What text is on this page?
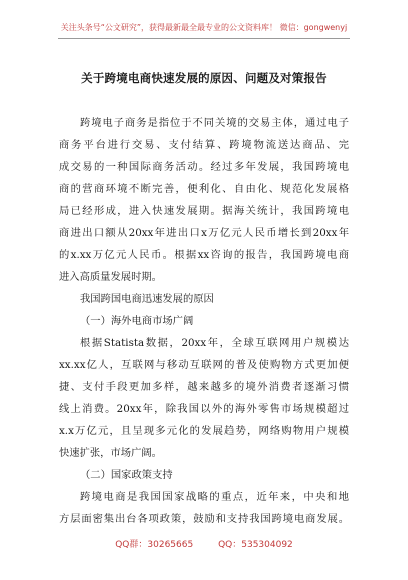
关注头条号“公文研究”，获得最新最全最专业的公文资料库！ 微信：gongwenyj
关于跨境电商快速发展的原因、问题及对策报告
跨境电子商务是指位于不同关境的交易主体，通过电子
商务平台进行交易、支付结算、跨境物流送达商品、完
成交易的一种国际商务活动。经过多年发展，我国跨境电
商的营商环境不断完善，便利化、自由化、规范化发展格
局已经形成，进入快速发展期。据海关统计，我国跨境电
商进出口额从20xx年进出口x万亿元人民币增长到20xx年
的x.xx万亿元人民币。根据xx咨询的报告，我国跨境电商
进入高质量发展时期。
我国跨国电商迅速发展的原因
（一）海外电商市场广阔
根据Statista数据，20xx年，全球互联网用户规模达
xx.xx亿人，互联网与移动互联网的普及使购物方式更加便
捷、支付手段更加多样，越来越多的境外消费者逐渐习惯
线上消费。20xx年，除我国以外的海外零售市场规模超过
x.x万亿元，且呈现多元化的发展趋势，网络购物用户规模
快速扩张，市场广阔。
（二）国家政策支持
跨境电商是我国国家战略的重点，近年来，中央和地
方层面密集出台各项政策，鼓励和支持我国跨境电商发展。
QQ群：30265665	QQ：535304092
